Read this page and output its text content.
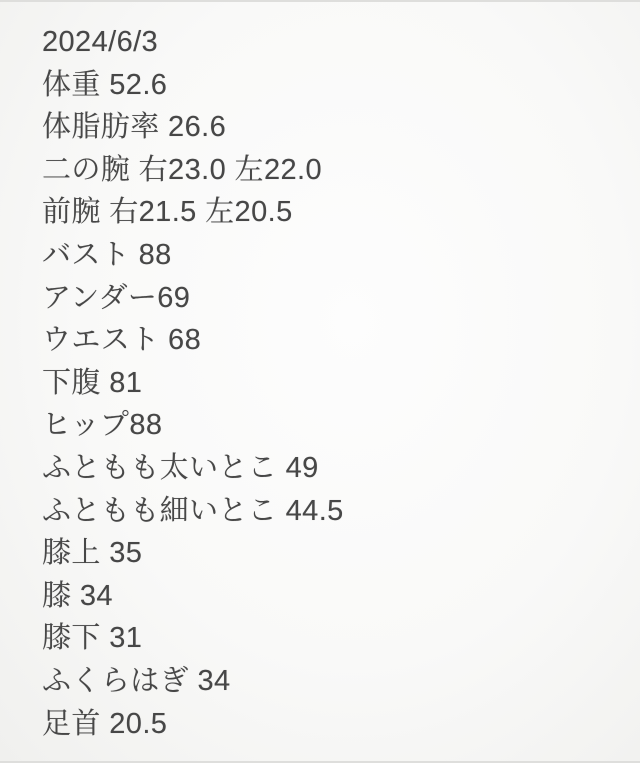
2024/6/3
体重 52.6
体脂肪率 26.6
二の腕 右23.0 左22.0
前腕 右21.5 左20.5
バスト 88
アンダー69
ウエスト 68
下腹 81
ヒップ88
ふともも太いとこ 49
ふともも細いとこ 44.5
膝上 35
膝 34
膝下 31
ふくらはぎ 34
足首 20.5
